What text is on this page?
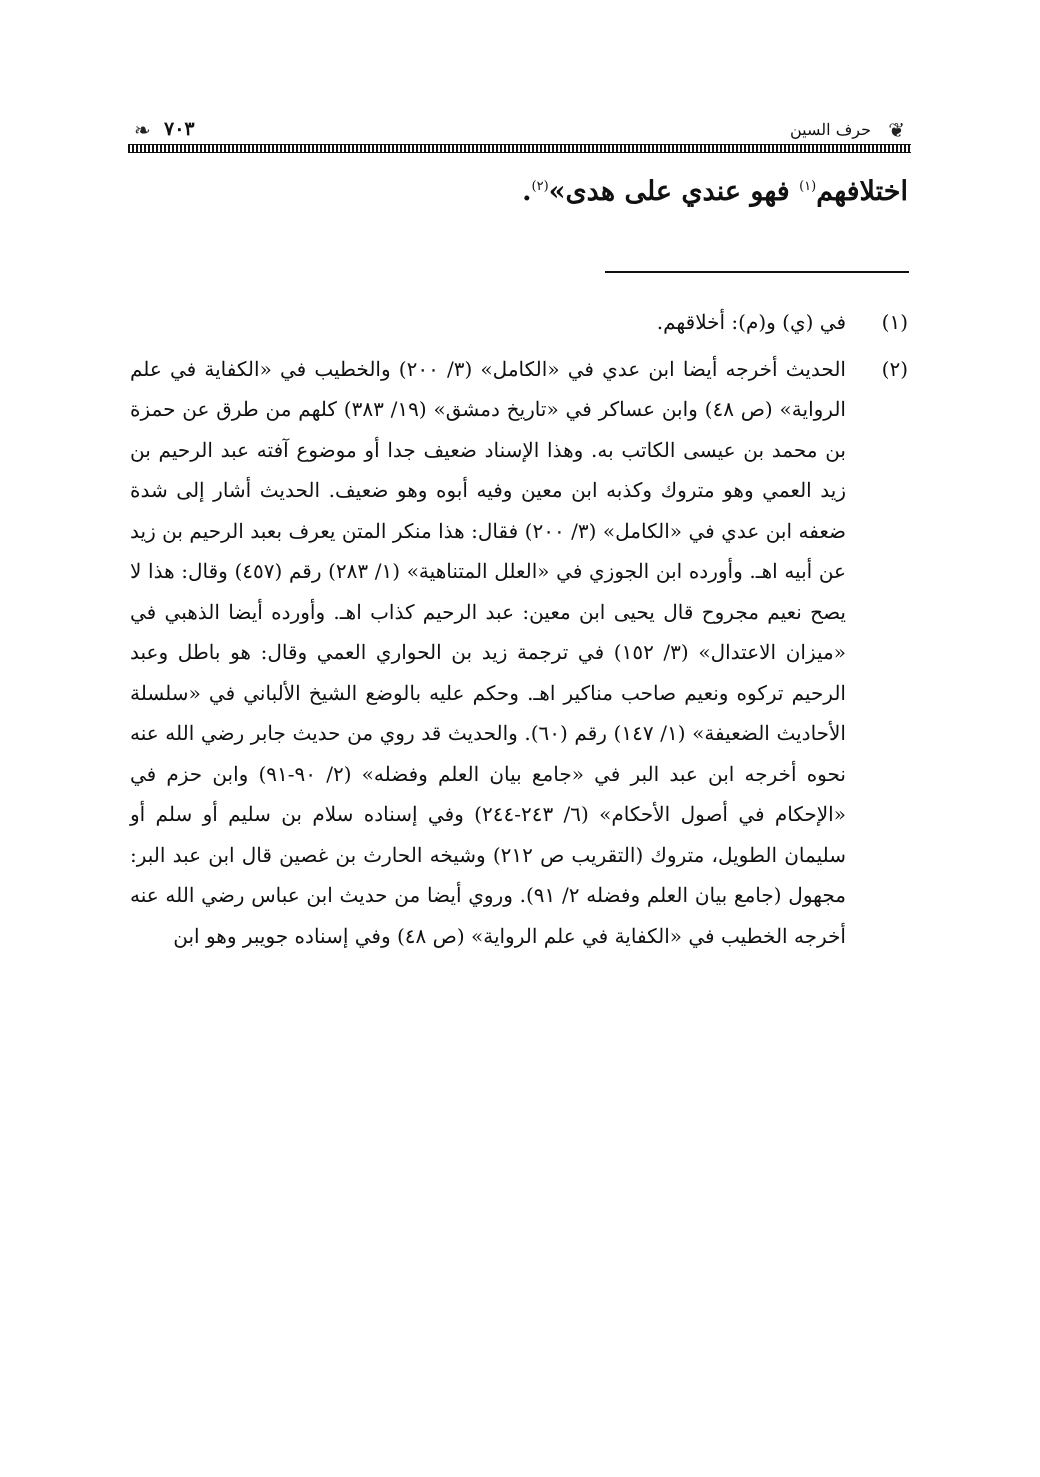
❦
حرف السين
٧٠٣
❧
اختلافهم$^{(١)}$ فهو عندي على هدى»$^{(٢)}$.
(١)
في (ي) و(م): أخلاقهم.
(٢)
الحديث أخرجه أيضا ابن عدي في «الكامل» (٣/ ٢٠٠) والخطيب في «الكفاية في علم الرواية» (ص ٤٨) وابن عساكر في «تاريخ دمشق» (١٩/ ٣٨٣) كلهم من طرق عن حمزة بن محمد بن عيسى الكاتب به. وهذا الإسناد ضعيف جدا أو موضوع آفته عبد الرحيم بن زيد العمي وهو متروك وكذبه ابن معين وفيه أبوه وهو ضعيف. الحديث أشار إلى شدة ضعفه ابن عدي في «الكامل» (٣/ ٢٠٠) فقال: هذا منكر المتن يعرف بعبد الرحيم بن زيد عن أبيه اهـ. وأورده ابن الجوزي في «العلل المتناهية» (١/ ٢٨٣) رقم (٤٥٧) وقال: هذا لا يصح نعيم مجروح قال يحيى ابن معين: عبد الرحيم كذاب اهـ. وأورده أيضا الذهبي في «ميزان الاعتدال» (٣/ ١٥٢) في ترجمة زيد بن الحواري العمي وقال: هو باطل وعبد الرحيم تركوه ونعيم صاحب مناكير اهـ. وحكم عليه بالوضع الشيخ الألباني في «سلسلة الأحاديث الضعيفة» (١/ ١٤٧) رقم (٦٠). والحديث قد روي من حديث جابر رضي الله عنه نحوه أخرجه ابن عبد البر في «جامع بيان العلم وفضله» (٢/ ٩٠-٩١) وابن حزم في «الإحكام في أصول الأحكام» (٦/ ٢٤٣-٢٤٤) وفي إسناده سلام بن سليم أو سلم أو سليمان الطويل، متروك (التقريب ص ٢١٢) وشيخه الحارث بن غصين قال ابن عبد البر: مجهول (جامع بيان العلم وفضله ٢/ ٩١). وروي أيضا من حديث ابن عباس رضي الله عنه أخرجه الخطيب في «الكفاية في علم الرواية» (ص ٤٨) وفي إسناده جويبر وهو ابن
